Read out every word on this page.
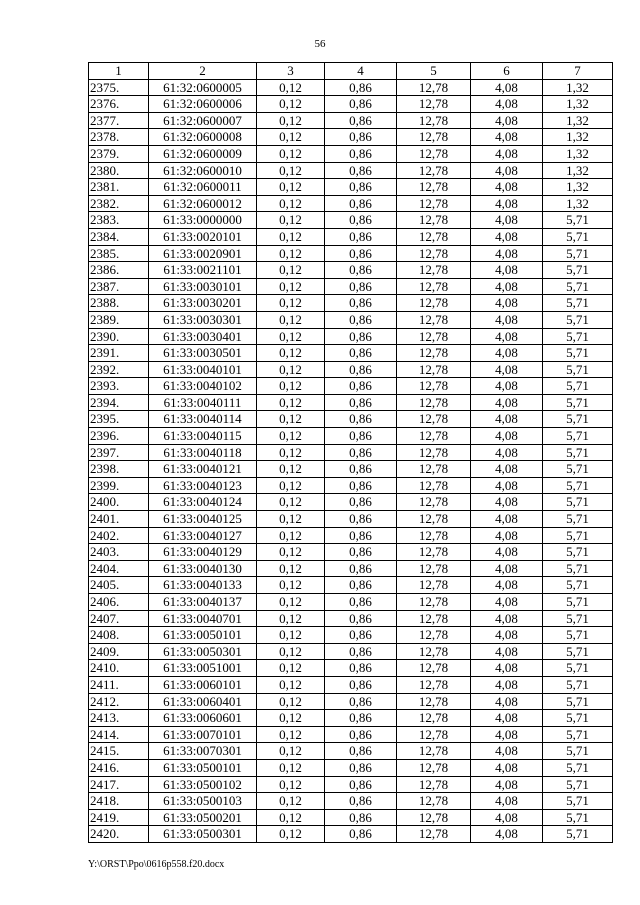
56
1	2	3	4	5	6	7
2375.	61:32:0600005	0,12	0,86	12,78	4,08	1,32
2376.	61:32:0600006	0,12	0,86	12,78	4,08	1,32
2377.	61:32:0600007	0,12	0,86	12,78	4,08	1,32
2378.	61:32:0600008	0,12	0,86	12,78	4,08	1,32
2379.	61:32:0600009	0,12	0,86	12,78	4,08	1,32
2380.	61:32:0600010	0,12	0,86	12,78	4,08	1,32
2381.	61:32:0600011	0,12	0,86	12,78	4,08	1,32
2382.	61:32:0600012	0,12	0,86	12,78	4,08	1,32
2383.	61:33:0000000	0,12	0,86	12,78	4,08	5,71
2384.	61:33:0020101	0,12	0,86	12,78	4,08	5,71
2385.	61:33:0020901	0,12	0,86	12,78	4,08	5,71
2386.	61:33:0021101	0,12	0,86	12,78	4,08	5,71
2387.	61:33:0030101	0,12	0,86	12,78	4,08	5,71
2388.	61:33:0030201	0,12	0,86	12,78	4,08	5,71
2389.	61:33:0030301	0,12	0,86	12,78	4,08	5,71
2390.	61:33:0030401	0,12	0,86	12,78	4,08	5,71
2391.	61:33:0030501	0,12	0,86	12,78	4,08	5,71
2392.	61:33:0040101	0,12	0,86	12,78	4,08	5,71
2393.	61:33:0040102	0,12	0,86	12,78	4,08	5,71
2394.	61:33:0040111	0,12	0,86	12,78	4,08	5,71
2395.	61:33:0040114	0,12	0,86	12,78	4,08	5,71
2396.	61:33:0040115	0,12	0,86	12,78	4,08	5,71
2397.	61:33:0040118	0,12	0,86	12,78	4,08	5,71
2398.	61:33:0040121	0,12	0,86	12,78	4,08	5,71
2399.	61:33:0040123	0,12	0,86	12,78	4,08	5,71
2400.	61:33:0040124	0,12	0,86	12,78	4,08	5,71
2401.	61:33:0040125	0,12	0,86	12,78	4,08	5,71
2402.	61:33:0040127	0,12	0,86	12,78	4,08	5,71
2403.	61:33:0040129	0,12	0,86	12,78	4,08	5,71
2404.	61:33:0040130	0,12	0,86	12,78	4,08	5,71
2405.	61:33:0040133	0,12	0,86	12,78	4,08	5,71
2406.	61:33:0040137	0,12	0,86	12,78	4,08	5,71
2407.	61:33:0040701	0,12	0,86	12,78	4,08	5,71
2408.	61:33:0050101	0,12	0,86	12,78	4,08	5,71
2409.	61:33:0050301	0,12	0,86	12,78	4,08	5,71
2410.	61:33:0051001	0,12	0,86	12,78	4,08	5,71
2411.	61:33:0060101	0,12	0,86	12,78	4,08	5,71
2412.	61:33:0060401	0,12	0,86	12,78	4,08	5,71
2413.	61:33:0060601	0,12	0,86	12,78	4,08	5,71
2414.	61:33:0070101	0,12	0,86	12,78	4,08	5,71
2415.	61:33:0070301	0,12	0,86	12,78	4,08	5,71
2416.	61:33:0500101	0,12	0,86	12,78	4,08	5,71
2417.	61:33:0500102	0,12	0,86	12,78	4,08	5,71
2418.	61:33:0500103	0,12	0,86	12,78	4,08	5,71
2419.	61:33:0500201	0,12	0,86	12,78	4,08	5,71
2420.	61:33:0500301	0,12	0,86	12,78	4,08	5,71
Y:\ORST\Ppo\0616p558.f20.docx
